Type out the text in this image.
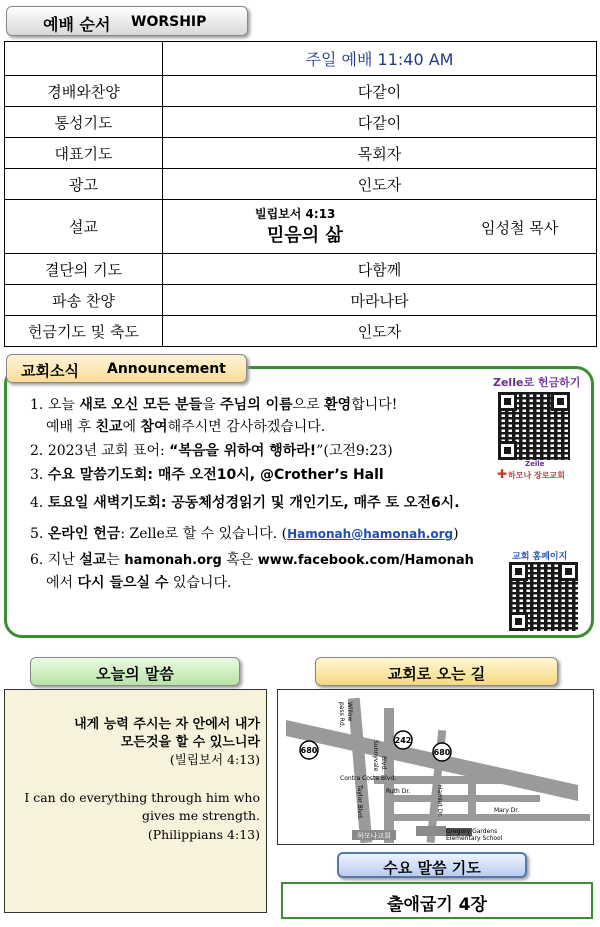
예배 순서 WORSHIP
	주일 예배 11:40 AM
경배와찬양	다같이
통성기도	다같이
대표기도	목회자
광고	인도자
설교	빌립보서 4:13
믿음의 삶 임성철 목사

결단의 기도	다함께
파송 찬양	마라나타
헌금기도 및 축도	인도자
교회소식 Announcement
1. 오늘 새로 오신 모든 분들을 주님의 이름으로 환영합니다!
예배 후 친교에 참여해주시면 감사하겠습니다.
2. 2023년 교회 표어: “복음을 위하여 행하라!”(고전9:23)
3. 수요 말씀기도회: 매주 오전10시, @Crother’s Hall
4. 토요일 새벽기도회: 공동체성경읽기 및 개인기도, 매주 토 오전6시.
5. 온라인 헌금: Zelle로 할 수 있습니다. (Hamonah@hamonah.org)
6. 지난 설교는 hamonah.org 혹은 www.facebook.com/Hamonah
에서 다시 들으실 수 있습니다.
Zelle로 헌금하기
Zelle
✚ 하모나 장로교회
교회 홈페이지
오늘의 말씀
내게 능력 주시는 자 안에서 내가
모든것을 할 수 있느니라
(빌립보서 4:13)
I can do everything through him who
gives me strength.
(Philippians 4:13)
교회로 오는 길
680
242
680
Willow
pass Rd.
Sunnyvale Blvd.
Contra Costa Blvd.
Taylor Blvd.	Ruth Dr.	Hamlet Dr.	Mary Dr.
하모나교회
Gregory Gardens
Elementary School
수요 말씀 기도
출애굽기 4장
